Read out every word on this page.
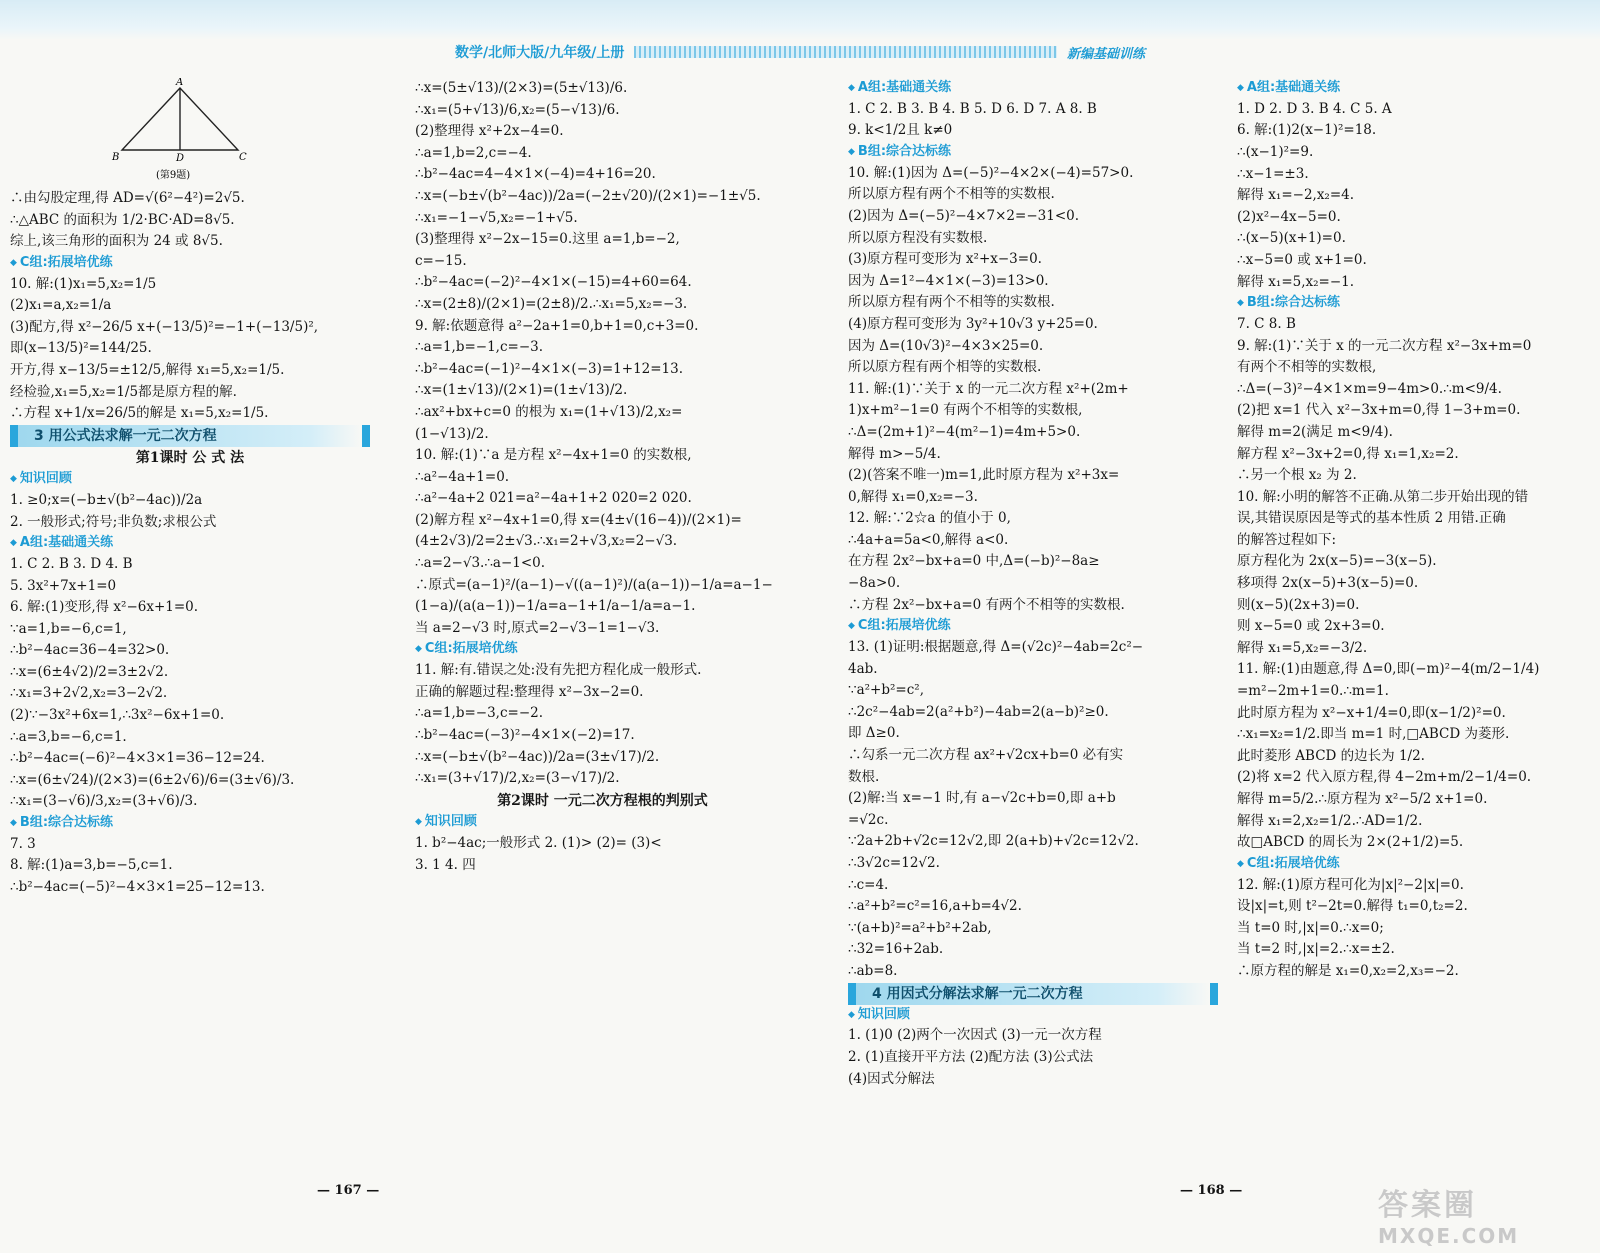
数学/北师大版/九年级/上册	新编基础训练
A
B	D	C
(第9题)

∴由勾股定理,得 AD=√(6²−4²)=2√5.

∴△ABC 的面积为 1/2·BC·AD=8√5.

综上,该三角形的面积为 24 或 8√5.

◆ C组:拓展培优练

10. 解:(1)x₁=5,x₂=1/5

(2)x₁=a,x₂=1/a

(3)配方,得 x²−26/5 x+(−13/5)²=−1+(−13/5)²,

即(x−13/5)²=144/25.

开方,得 x−13/5=±12/5,解得 x₁=5,x₂=1/5.

经检验,x₁=5,x₂=1/5都是原方程的解.

∴方程 x+1/x=26/5的解是 x₁=5,x₂=1/5.

3 用公式法求解一元二次方程

第1课时 公 式 法

◆ 知识回顾

1. ≥0;x=(−b±√(b²−4ac))/2a

2. 一般形式;符号;非负数;求根公式

◆ A组:基础通关练

1. C 2. B 3. D 4. B

5. 3x²+7x+1=0

6. 解:(1)变形,得 x²−6x+1=0.

∵a=1,b=−6,c=1,

∴b²−4ac=36−4=32>0.

∴x=(6±4√2)/2=3±2√2.

∴x₁=3+2√2,x₂=3−2√2.

(2)∵−3x²+6x=1,∴3x²−6x+1=0.

∴a=3,b=−6,c=1.

∴b²−4ac=(−6)²−4×3×1=36−12=24.

∴x=(6±√24)/(2×3)=(6±2√6)/6=(3±√6)/3.

∴x₁=(3−√6)/3,x₂=(3+√6)/3.

◆ B组:综合达标练

7. 3

8. 解:(1)a=3,b=−5,c=1.

∴b²−4ac=(−5)²−4×3×1=25−12=13.

∴x=(5±√13)/(2×3)=(5±√13)/6.

∴x₁=(5+√13)/6,x₂=(5−√13)/6.

(2)整理得 x²+2x−4=0.

∴a=1,b=2,c=−4.

∴b²−4ac=4−4×1×(−4)=4+16=20.

∴x=(−b±√(b²−4ac))/2a=(−2±√20)/(2×1)=−1±√5.

∴x₁=−1−√5,x₂=−1+√5.

(3)整理得 x²−2x−15=0.这里 a=1,b=−2,

c=−15.

∴b²−4ac=(−2)²−4×1×(−15)=4+60=64.

∴x=(2±8)/(2×1)=(2±8)/2.∴x₁=5,x₂=−3.

9. 解:依题意得 a²−2a+1=0,b+1=0,c+3=0.

∴a=1,b=−1,c=−3.

∴b²−4ac=(−1)²−4×1×(−3)=1+12=13.

∴x=(1±√13)/(2×1)=(1±√13)/2.

∴ax²+bx+c=0 的根为 x₁=(1+√13)/2,x₂=

(1−√13)/2.

10. 解:(1)∵a 是方程 x²−4x+1=0 的实数根,

∴a²−4a+1=0.

∴a²−4a+2 021=a²−4a+1+2 020=2 020.

(2)解方程 x²−4x+1=0,得 x=(4±√(16−4))/(2×1)=

(4±2√3)/2=2±√3.∴x₁=2+√3,x₂=2−√3.

∴a=2−√3.∴a−1<0.

∴原式=(a−1)²/(a−1)−√((a−1)²)/(a(a−1))−1/a=a−1−

(1−a)/(a(a−1))−1/a=a−1+1/a−1/a=a−1.

当 a=2−√3 时,原式=2−√3−1=1−√3.

◆ C组:拓展培优练

11. 解:有.错误之处:没有先把方程化成一般形式.

正确的解题过程:整理得 x²−3x−2=0.

∴a=1,b=−3,c=−2.

∴b²−4ac=(−3)²−4×1×(−2)=17.

∴x=(−b±√(b²−4ac))/2a=(3±√17)/2.

∴x₁=(3+√17)/2,x₂=(3−√17)/2.

第2课时 一元二次方程根的判别式

◆ 知识回顾

1. b²−4ac;一般形式 2. (1)> (2)= (3)<

3. 1 4. 四

◆ A组:基础通关练

1. C 2. B 3. B 4. B 5. D 6. D 7. A 8. B

9. k<1/2且 k≠0

◆ B组:综合达标练

10. 解:(1)因为 Δ=(−5)²−4×2×(−4)=57>0.

所以原方程有两个不相等的实数根.

(2)因为 Δ=(−5)²−4×7×2=−31<0.

所以原方程没有实数根.

(3)原方程可变形为 x²+x−3=0.

因为 Δ=1²−4×1×(−3)=13>0.

所以原方程有两个不相等的实数根.

(4)原方程可变形为 3y²+10√3 y+25=0.

因为 Δ=(10√3)²−4×3×25=0.

所以原方程有两个相等的实数根.

11. 解:(1)∵关于 x 的一元二次方程 x²+(2m+

1)x+m²−1=0 有两个不相等的实数根,

∴Δ=(2m+1)²−4(m²−1)=4m+5>0.

解得 m>−5/4.

(2)(答案不唯一)m=1,此时原方程为 x²+3x=

0,解得 x₁=0,x₂=−3.

12. 解:∵2☆a 的值小于 0,

∴4a+a=5a<0,解得 a<0.

在方程 2x²−bx+a=0 中,Δ=(−b)²−8a≥

−8a>0.

∴方程 2x²−bx+a=0 有两个不相等的实数根.

◆ C组:拓展培优练

13. (1)证明:根据题意,得 Δ=(√2c)²−4ab=2c²−

4ab.

∵a²+b²=c²,

∴2c²−4ab=2(a²+b²)−4ab=2(a−b)²≥0.

即 Δ≥0.

∴勾系一元二次方程 ax²+√2cx+b=0 必有实

数根.

(2)解:当 x=−1 时,有 a−√2c+b=0,即 a+b

=√2c.

∵2a+2b+√2c=12√2,即 2(a+b)+√2c=12√2.

∴3√2c=12√2.

∴c=4.

∴a²+b²=c²=16,a+b=4√2.

∵(a+b)²=a²+b²+2ab,

∴32=16+2ab.

∴ab=8.

4 用因式分解法求解一元二次方程

◆ 知识回顾

1. (1)0 (2)两个一次因式 (3)一元一次方程

2. (1)直接开平方法 (2)配方法 (3)公式法

(4)因式分解法

◆ A组:基础通关练

1. D 2. D 3. B 4. C 5. A

6. 解:(1)2(x−1)²=18.

∴(x−1)²=9.

∴x−1=±3.

解得 x₁=−2,x₂=4.

(2)x²−4x−5=0.

∴(x−5)(x+1)=0.

∴x−5=0 或 x+1=0.

解得 x₁=5,x₂=−1.

◆ B组:综合达标练

7. C 8. B

9. 解:(1)∵关于 x 的一元二次方程 x²−3x+m=0

有两个不相等的实数根,

∴Δ=(−3)²−4×1×m=9−4m>0.∴m<9/4.

(2)把 x=1 代入 x²−3x+m=0,得 1−3+m=0.

解得 m=2(满足 m<9/4).

解方程 x²−3x+2=0,得 x₁=1,x₂=2.

∴另一个根 x₂ 为 2.

10. 解:小明的解答不正确.从第二步开始出现的错

误,其错误原因是等式的基本性质 2 用错.正确

的解答过程如下:

原方程化为 2x(x−5)=−3(x−5).

移项得 2x(x−5)+3(x−5)=0.

则(x−5)(2x+3)=0.

则 x−5=0 或 2x+3=0.

解得 x₁=5,x₂=−3/2.

11. 解:(1)由题意,得 Δ=0,即(−m)²−4(m/2−1/4)

=m²−2m+1=0.∴m=1.

此时原方程为 x²−x+1/4=0,即(x−1/2)²=0.

∴x₁=x₂=1/2.即当 m=1 时,□ABCD 为菱形.

此时菱形 ABCD 的边长为 1/2.

(2)将 x=2 代入原方程,得 4−2m+m/2−1/4=0.

解得 m=5/2.∴原方程为 x²−5/2 x+1=0.

解得 x₁=2,x₂=1/2.∴AD=1/2.

故□ABCD 的周长为 2×(2+1/2)=5.

◆ C组:拓展培优练

12. 解:(1)原方程可化为|x|²−2|x|=0.

设|x|=t,则 t²−2t=0.解得 t₁=0,t₂=2.

当 t=0 时,|x|=0.∴x=0;

当 t=2 时,|x|=2.∴x=±2.

∴原方程的解是 x₁=0,x₂=2,x₃=−2.

— 167 —	— 168 —	答案圈
MXQE.COM
